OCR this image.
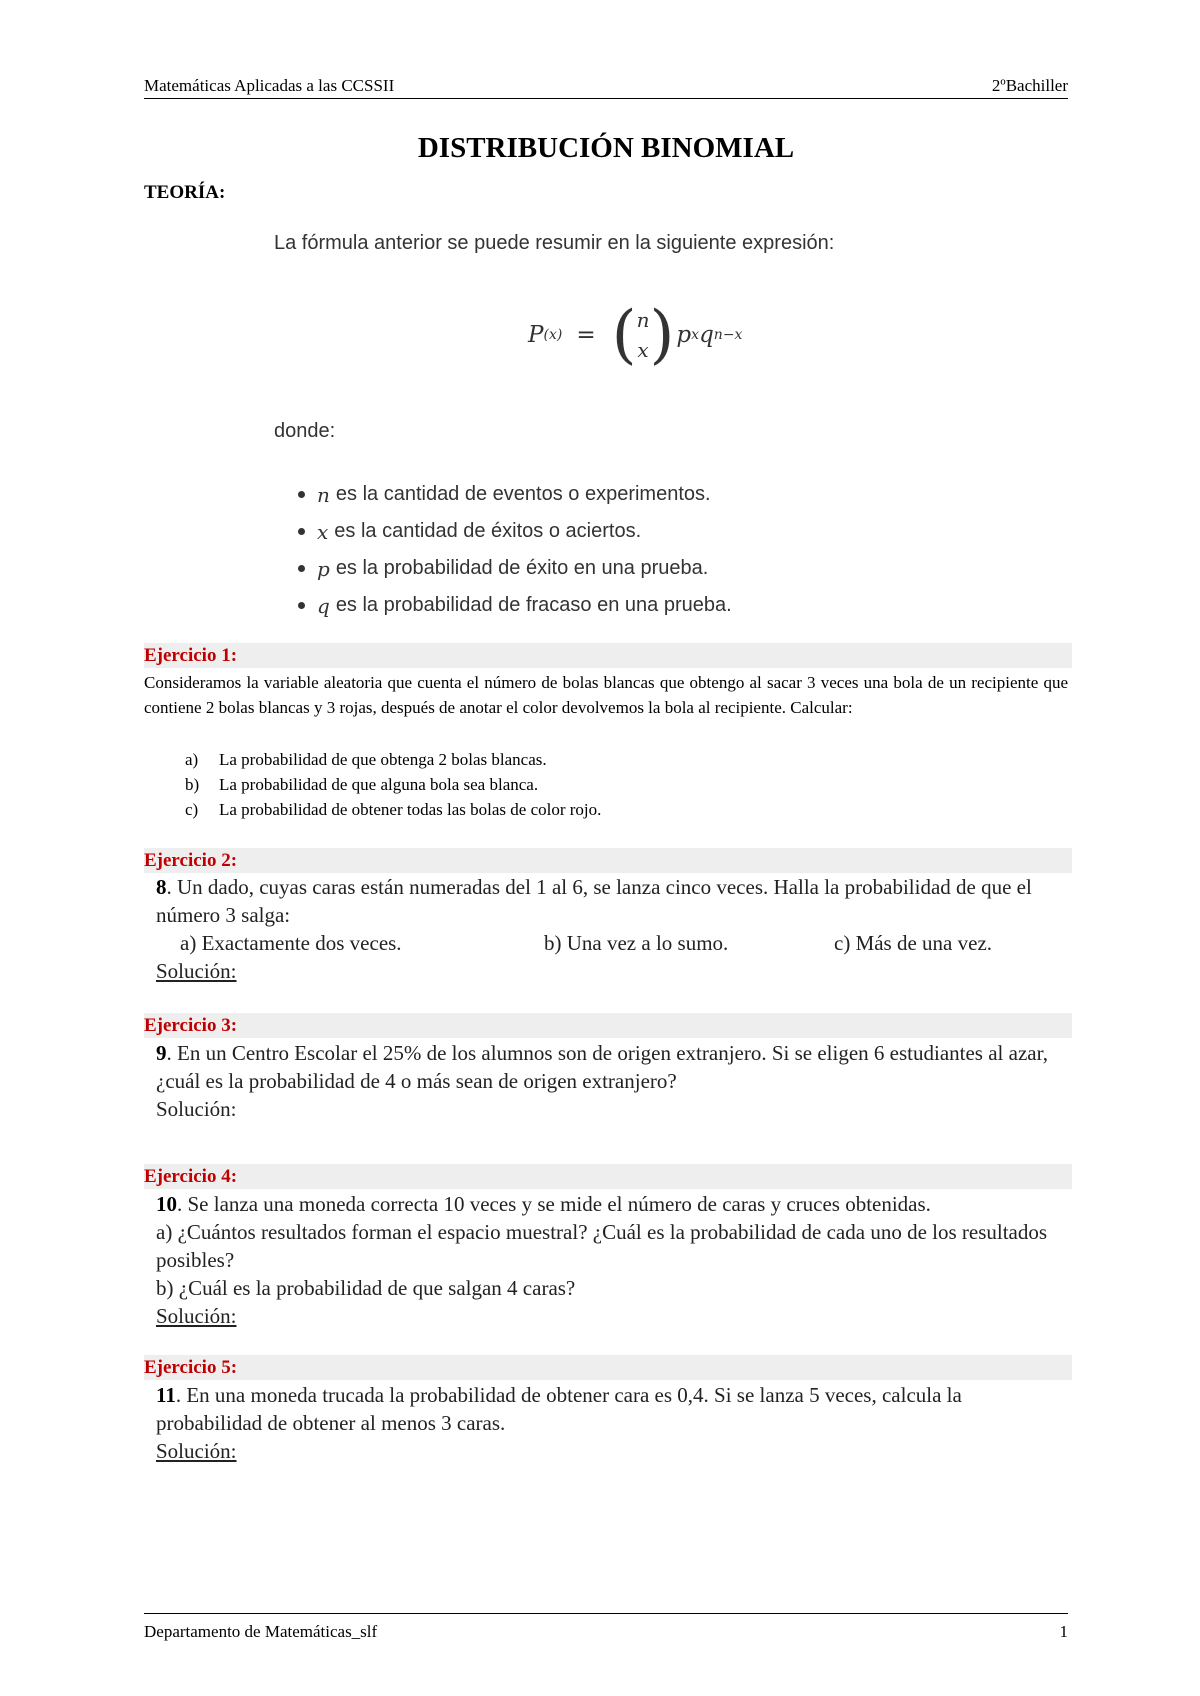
Matemáticas Aplicadas a las CCSSII	2ºBachiller
DISTRIBUCIÓN BINOMIAL
TEORÍA:
La fórmula anterior se puede resumir en la siguiente expresión:
P (x) = ( n
x ) p x q n−x
donde:
n es la cantidad de eventos o experimentos.
x es la cantidad de éxitos o aciertos.
p es la probabilidad de éxito en una prueba.
q es la probabilidad de fracaso en una prueba.
Ejercicio 1:
Consideramos la variable aleatoria que cuenta el número de bolas blancas que obtengo al sacar 3 veces una bola de un recipiente que contiene 2 bolas blancas y 3 rojas, después de anotar el color devolvemos la bola al recipiente. Calcular:
a) La probabilidad de que obtenga 2 bolas blancas.
b) La probabilidad de que alguna bola sea blanca.
c) La probabilidad de obtener todas las bolas de color rojo.
Ejercicio 2:
8. Un dado, cuyas caras están numeradas del 1 al 6, se lanza cinco veces. Halla la probabilidad de que el número 3 salga:
a) Exactamente dos veces.	b) Una vez a lo sumo.	c) Más de una vez.
Solución:
Ejercicio 3:
9. En un Centro Escolar el 25% de los alumnos son de origen extranjero. Si se eligen 6 estudiantes al azar, ¿cuál es la probabilidad de 4 o más sean de origen extranjero?
Solución:
Ejercicio 4:
10. Se lanza una moneda correcta 10 veces y se mide el número de caras y cruces obtenidas.
a) ¿Cuántos resultados forman el espacio muestral? ¿Cuál es la probabilidad de cada uno de los resultados posibles?
b) ¿Cuál es la probabilidad de que salgan 4 caras?
Solución:
Ejercicio 5:
11. En una moneda trucada la probabilidad de obtener cara es 0,4. Si se lanza 5 veces, calcula la probabilidad de obtener al menos 3 caras.
Solución:
Departamento de Matemáticas_slf	1
